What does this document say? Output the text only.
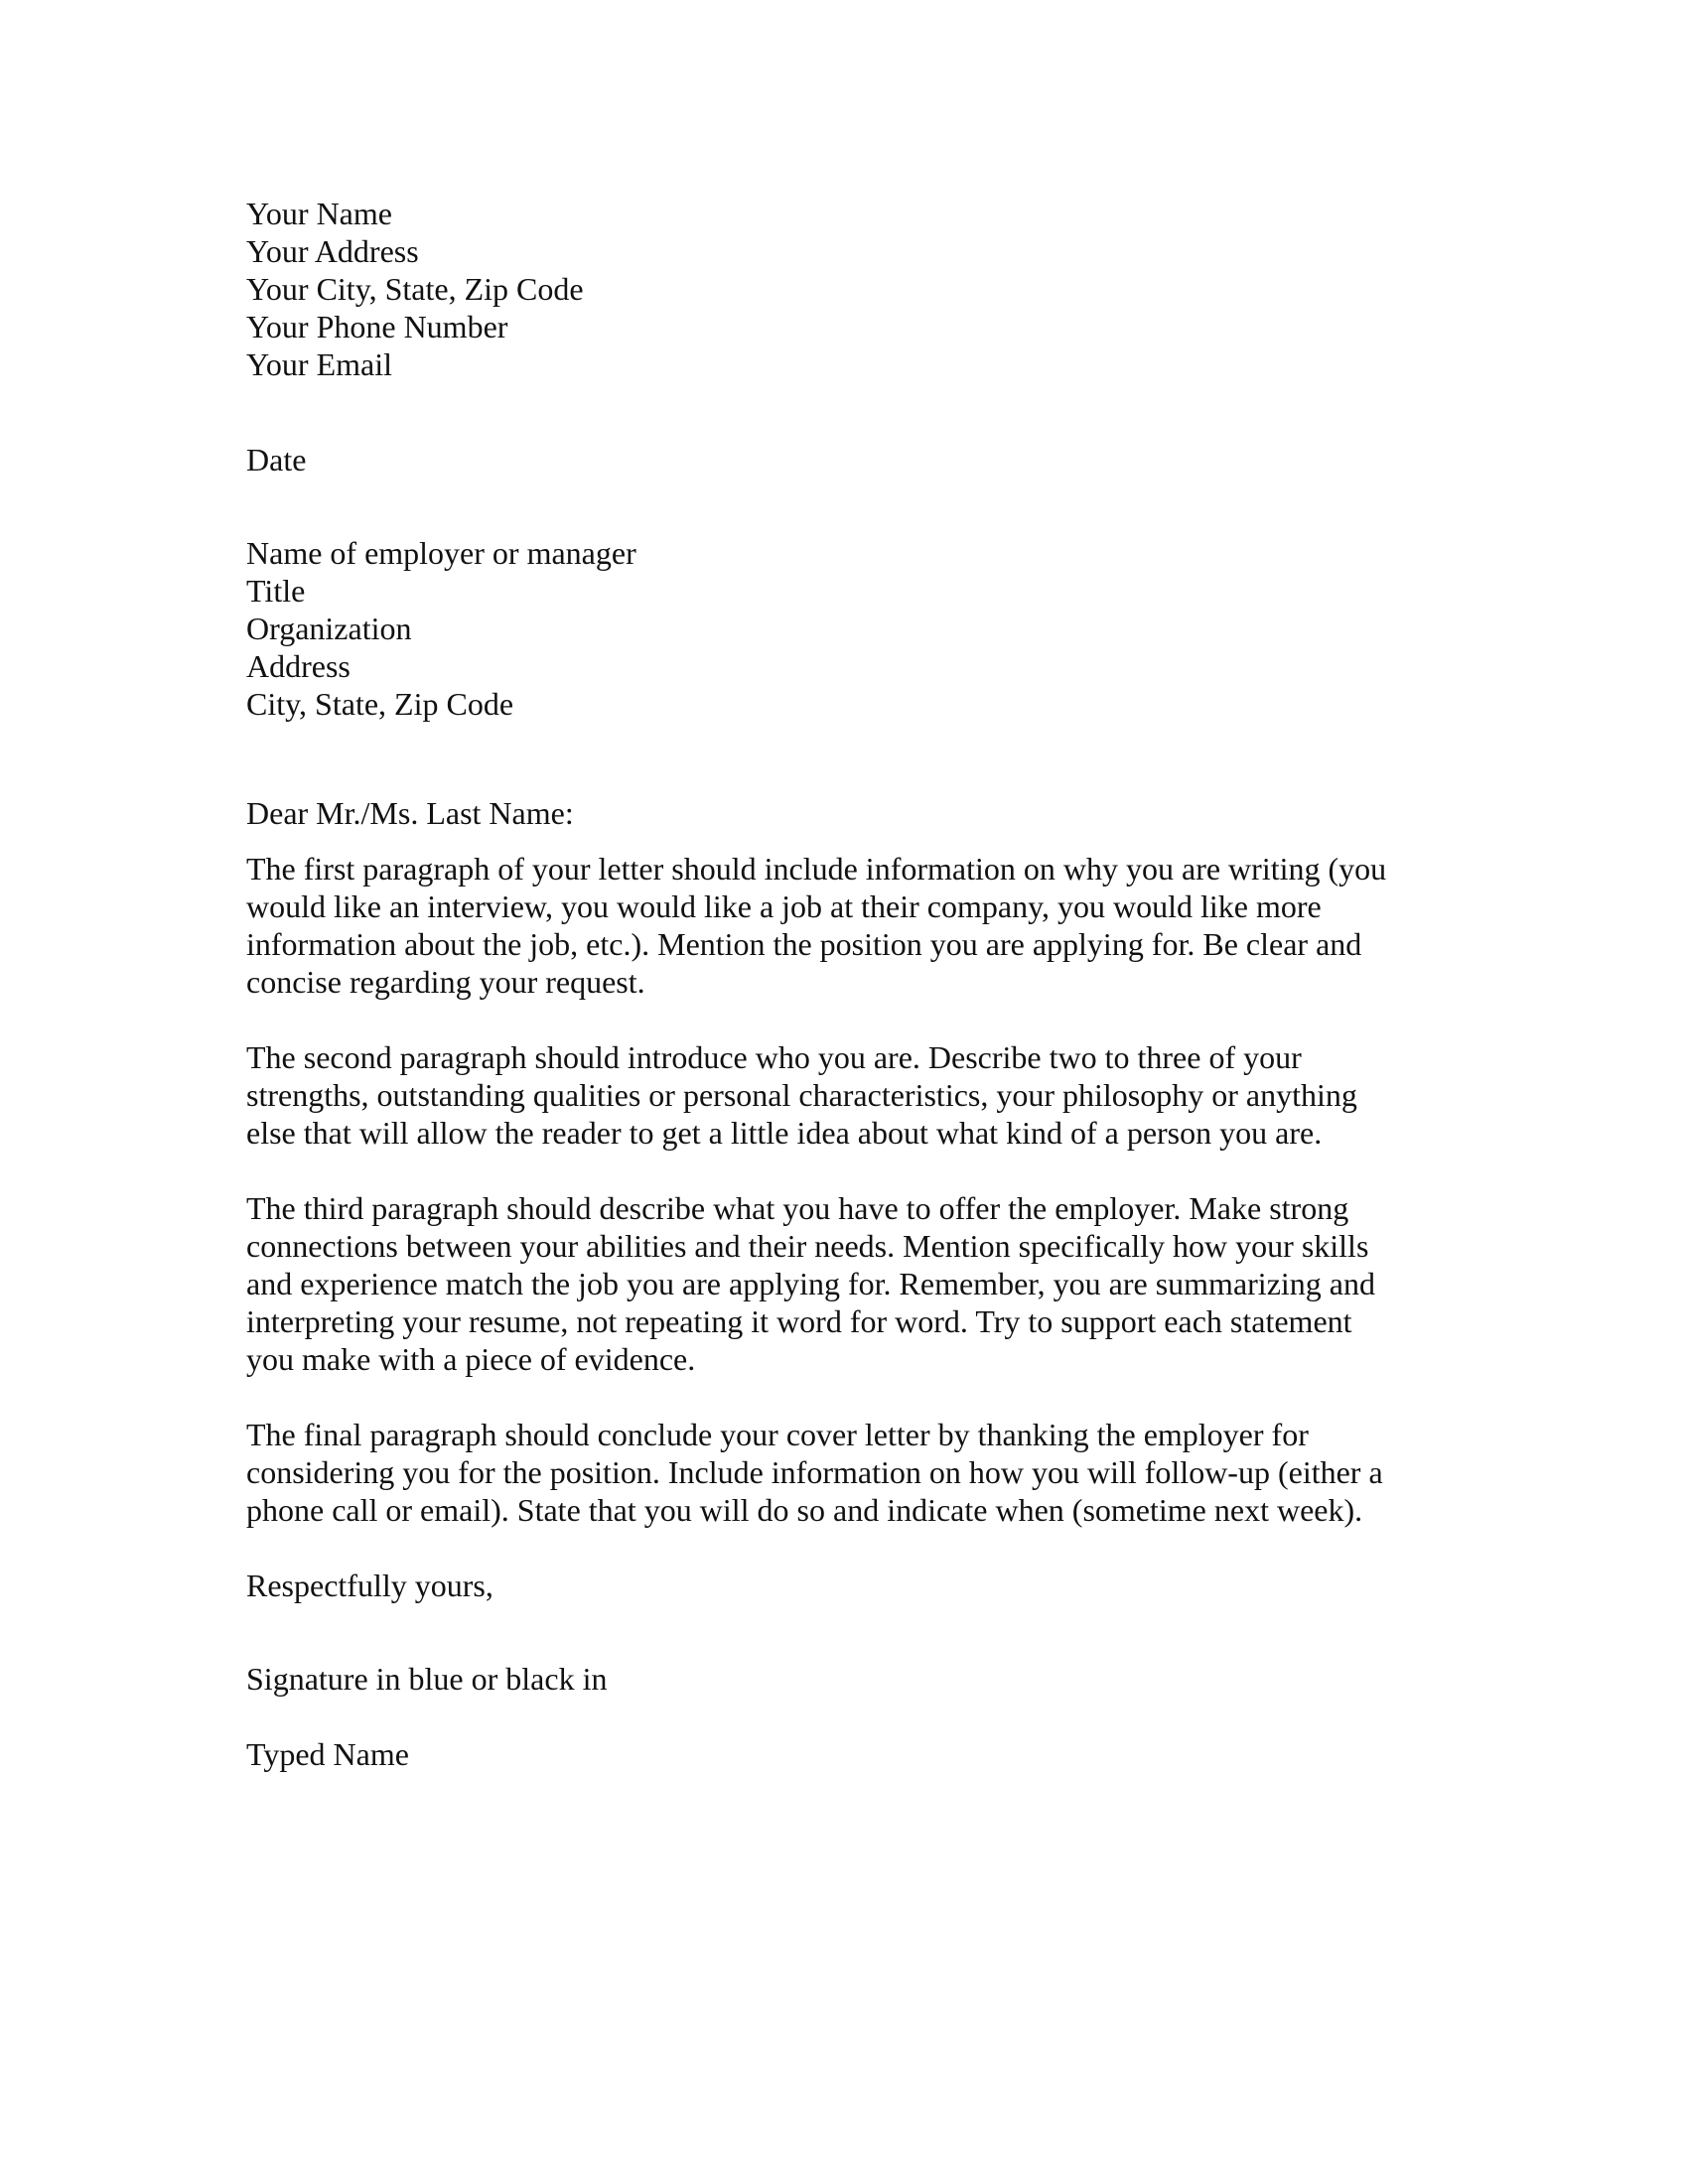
Your Name
Your Address
Your City, State, Zip Code
Your Phone Number
Your Email
Date
Name of employer or manager
Title
Organization
Address
City, State, Zip Code
Dear Mr./Ms. Last Name:
The first paragraph of your letter should include information on why you are writing (you
would like an interview, you would like a job at their company, you would like more
information about the job, etc.). Mention the position you are applying for. Be clear and
concise regarding your request.
The second paragraph should introduce who you are. Describe two to three of your
strengths, outstanding qualities or personal characteristics, your philosophy or anything
else that will allow the reader to get a little idea about what kind of a person you are.
The third paragraph should describe what you have to offer the employer. Make strong
connections between your abilities and their needs. Mention specifically how your skills
and experience match the job you are applying for. Remember, you are summarizing and
interpreting your resume, not repeating it word for word. Try to support each statement
you make with a piece of evidence.
The final paragraph should conclude your cover letter by thanking the employer for
considering you for the position. Include information on how you will follow-up (either a
phone call or email). State that you will do so and indicate when (sometime next week).
Respectfully yours,
Signature in blue or black in
Typed Name
